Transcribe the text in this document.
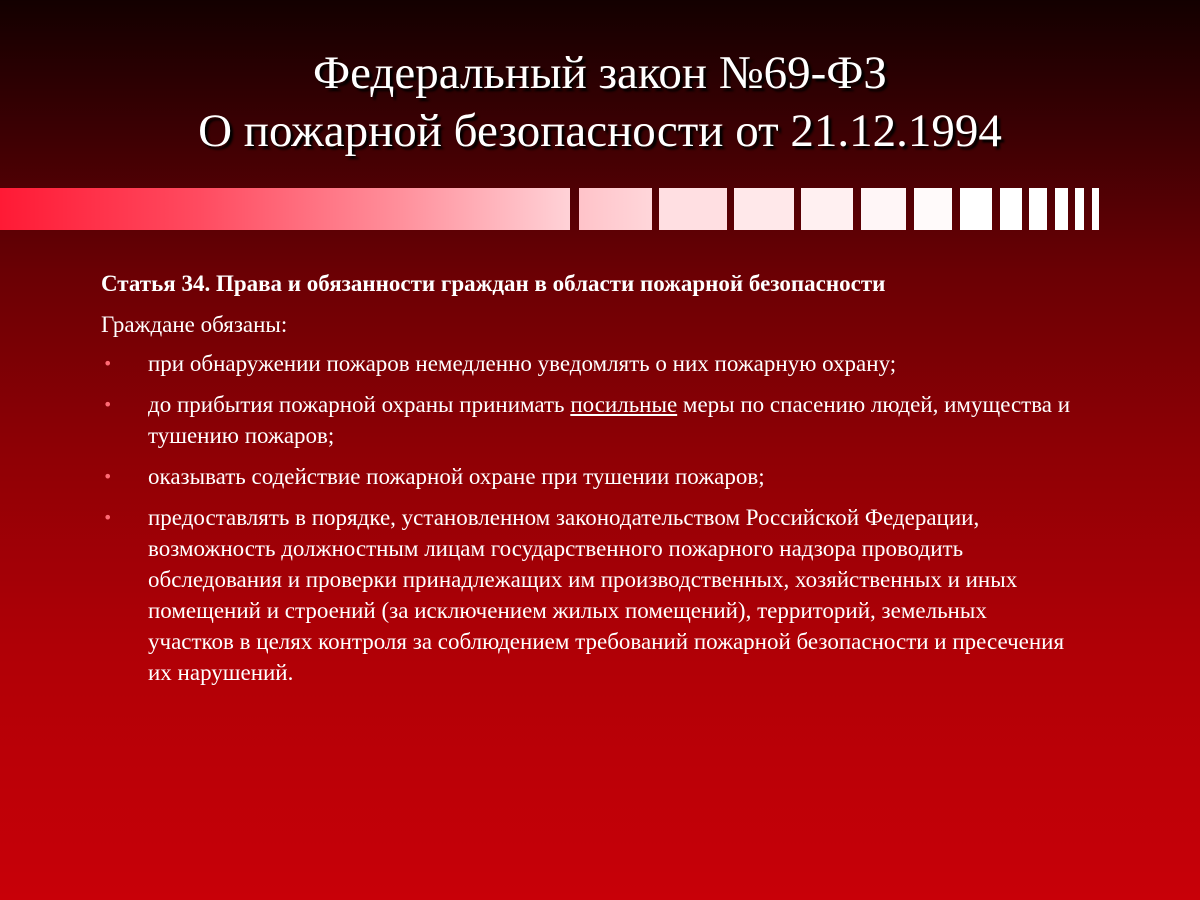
Федеральный закон №69-ФЗ
О пожарной безопасности от 21.12.1994
Статья 34. Права и обязанности граждан в области пожарной безопасности
Граждане обязаны:
• при обнаружении пожаров немедленно уведомлять о них пожарную охрану;
• до прибытия пожарной охраны принимать посильные меры по спасению людей, имущества и тушению пожаров;
• оказывать содействие пожарной охране при тушении пожаров;
• предоставлять в порядке, установленном законодательством Российской Федерации, возможность должностным лицам государственного пожарного надзора проводить обследования и проверки принадлежащих им производственных, хозяйственных и иных помещений и строений (за исключением жилых помещений), территорий, земельных участков в целях контроля за соблюдением требований пожарной безопасности и пресечения их нарушений.
